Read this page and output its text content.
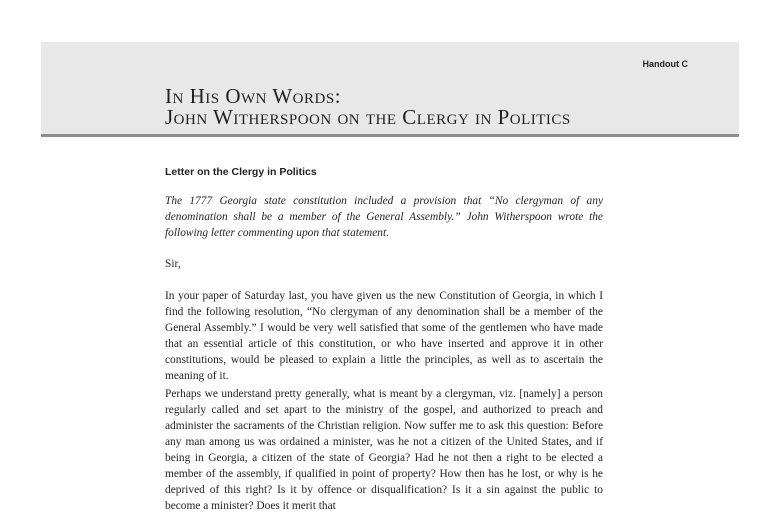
Handout C
In His Own Words:
John Witherspoon on the Clergy in Politics
Letter on the Clergy in Politics

The 1777 Georgia state constitution included a provision that “No clergyman of any denomination shall be a member of the General Assembly.” John Witherspoon wrote the following letter commenting upon that statement.

Sir,

In your paper of Saturday last, you have given us the new Constitution of Georgia, in which I find the following resolution, “No clergyman of any denomination shall be a member of the General Assembly.” I would be very well satisfied that some of the gentlemen who have made that an essential article of this constitution, or who have inserted and approve it in other constitutions, would be pleased to explain a little the principles, as well as to ascertain the meaning of it.

Perhaps we understand pretty generally, what is meant by a clergyman, viz. [namely] a person regularly called and set apart to the ministry of the gospel, and authorized to preach and administer the sacraments of the Christian religion. Now suffer me to ask this question: Before any man among us was ordained a minister, was he not a citizen of the United States, and if being in Georgia, a citizen of the state of Georgia? Had he not then a right to be elected a member of the assembly, if qualified in point of property? How then has he lost, or why is he deprived of this right? Is it by offence or disqualification? Is it a sin against the public to become a minister? Does it merit that
